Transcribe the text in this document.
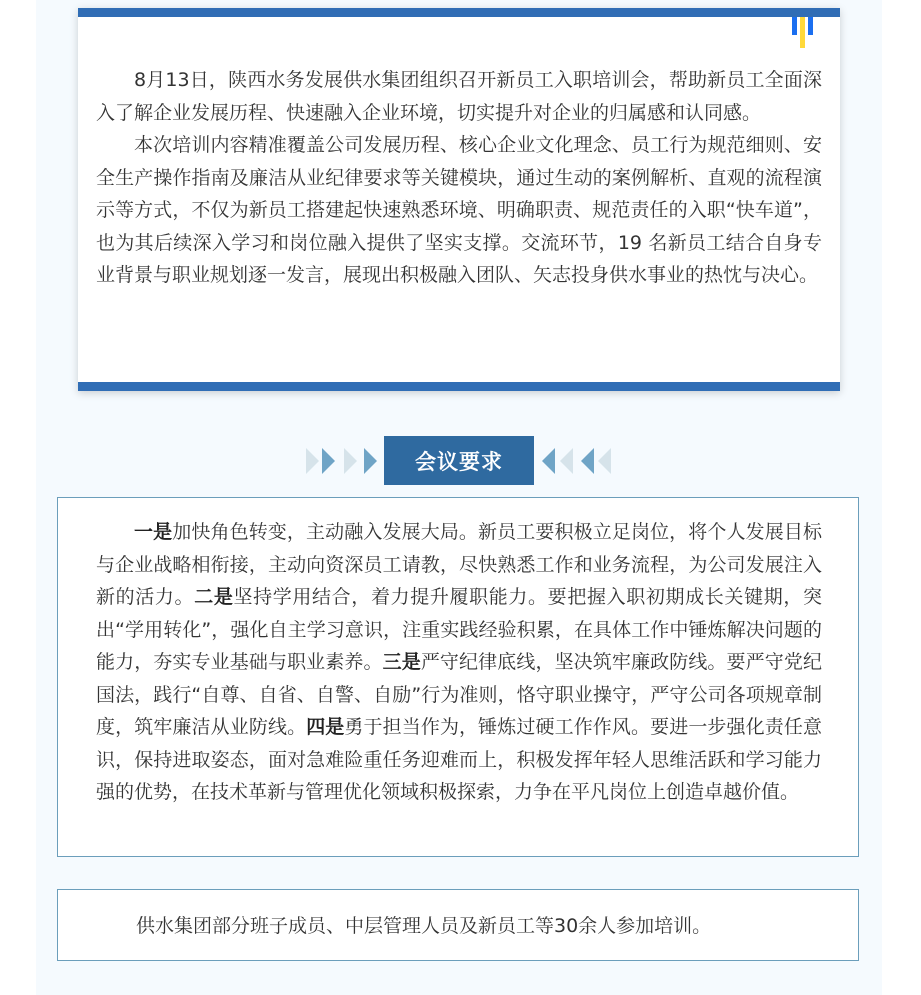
8月13日，陕西水务发展供水集团组织召开新员工入职培训会，帮助新员工全面深入了解企业发展历程、快速融入企业环境，切实提升对企业的归属感和认同感。

本次培训内容精准覆盖公司发展历程、核心企业文化理念、员工行为规范细则、安全生产操作指南及廉洁从业纪律要求等关键模块，通过生动的案例解析、直观的流程演示等方式，不仅为新员工搭建起快速熟悉环境、明确职责、规范责任的入职“快车道”，也为其后续深入学习和岗位融入提供了坚实支撑。交流环节，19 名新员工结合自身专业背景与职业规划逐一发言，展现出积极融入团队、矢志投身供水事业的热忱与决心。

会议要求

一是加快角色转变，主动融入发展大局。新员工要积极立足岗位，将个人发展目标与企业战略相衔接，主动向资深员工请教，尽快熟悉工作和业务流程，为公司发展注入新的活力。二是坚持学用结合，着力提升履职能力。要把握入职初期成长关键期，突出“学用转化”，强化自主学习意识，注重实践经验积累，在具体工作中锤炼解决问题的能力，夯实专业基础与职业素养。三是严守纪律底线，坚决筑牢廉政防线。要严守党纪国法，践行“自尊、自省、自警、自励”行为准则，恪守职业操守，严守公司各项规章制度，筑牢廉洁从业防线。四是勇于担当作为，锤炼过硬工作作风。要进一步强化责任意识，保持进取姿态，面对急难险重任务迎难而上，积极发挥年轻人思维活跃和学习能力强的优势，在技术革新与管理优化领域积极探索，力争在平凡岗位上创造卓越价值。

供水集团部分班子成员、中层管理人员及新员工等30余人参加培训。
